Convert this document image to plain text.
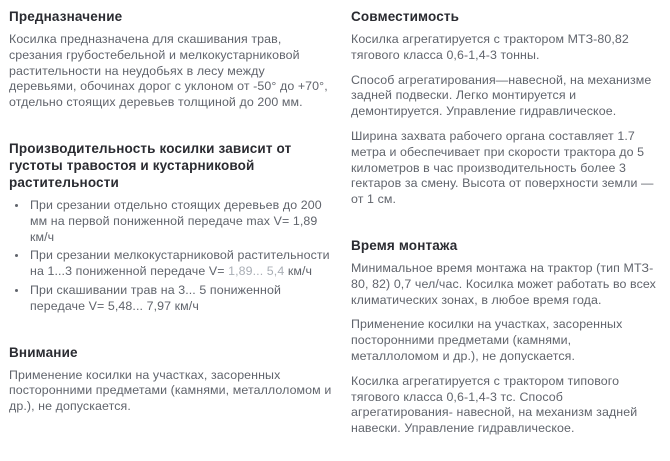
Предназначение

Косилка предназначена для скашивания трав, срезания грубостебельной и мелкокустарниковой растительности на неудобьях в лесу между деревьями, обочинах дорог с уклоном от -50° до +70°, отдельно стоящих деревьев толщиной до 200 мм.

Производительность косилки зависит от густоты травостоя и кустарниковой растительности
• При срезании отдельно стоящих деревьев до 200 мм на первой пониженной передаче max V= 1,89 км/ч
• При срезании мелкокустарниковой растительности на 1...3 пониженной передаче V= 1,89... 5,4 км/ч
• При скашивании трав на 3... 5 пониженной передаче V= 5,48... 7,97 км/ч
Внимание

Применение косилки на участках, засоренных посторонними предметами (камнями, металлоломом и др.), не допускается.

Совместимость

Косилка агрегатируется с трактором МТЗ-80,82 тягового класса 0,6-1,4-3 тонны.

Способ агрегатирования—навесной, на механизме задней подвески. Легко монтируется и демонтируется. Управление гидравлическое.

Ширина захвата рабочего органа составляет 1.7 метра и обеспечивает при скорости трактора до 5 километров в час производительность более 3 гектаров за смену. Высота от поверхности земли — от 1 см.

Время монтажа

Минимальное время монтажа на трактор (тип МТЗ- 80, 82) 0,7 чел/час. Косилка может работать во всех климатических зонах, в любое время года.

Применение косилки на участках, засоренных посторонними предметами (камнями, металлоломом и др.), не допускается.

Косилка агрегатируется с трактором типового тягового класса 0,6-1,4-3 тс. Способ агрегатирования- навесной, на механизм задней навески. Управление гидравлическое.
